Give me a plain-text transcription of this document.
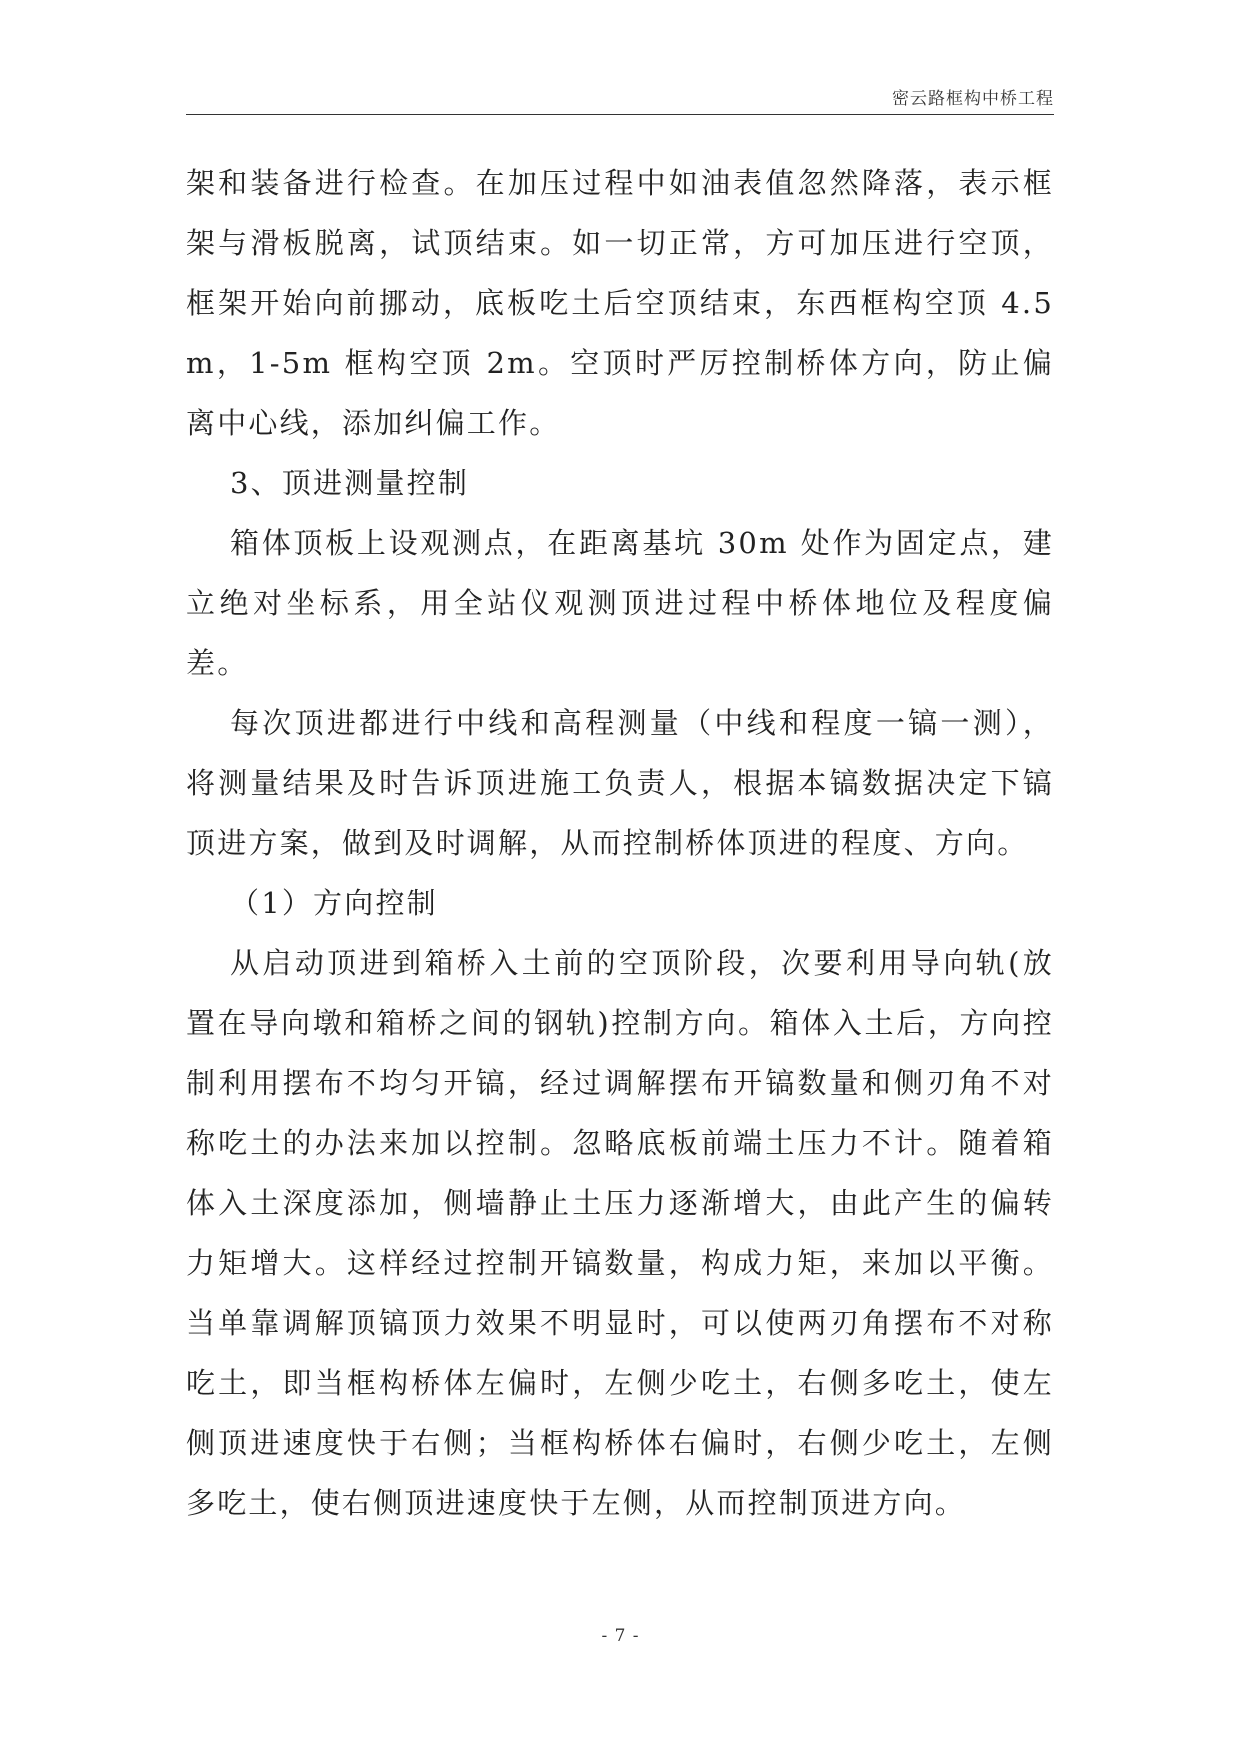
密云路框构中桥工程

架和装备进行检查。在加压过程中如油表值忽然降落，表示框架与滑板脱离，试顶结束。如一切正常，方可加压进行空顶，框架开始向前挪动，底板吃土后空顶结束，东西框构空顶 4.5m，1-5m 框构空顶 2m。空顶时严厉控制桥体方向，防止偏离中心线，添加纠偏工作。

3、顶进测量控制

箱体顶板上设观测点，在距离基坑 30m 处作为固定点，建立绝对坐标系，用全站仪观测顶进过程中桥体地位及程度偏差。

每次顶进都进行中线和高程测量（中线和程度一镐一测），将测量结果及时告诉顶进施工负责人，根据本镐数据决定下镐顶进方案，做到及时调解，从而控制桥体顶进的程度、方向。

（1）方向控制

从启动顶进到箱桥入土前的空顶阶段，次要利用导向轨(放置在导向墩和箱桥之间的钢轨)控制方向。箱体入土后，方向控制利用摆布不均匀开镐，经过调解摆布开镐数量和侧刃角不对称吃土的办法来加以控制。忽略底板前端土压力不计。随着箱体入土深度添加，侧墙静止土压力逐渐增大，由此产生的偏转力矩增大。这样经过控制开镐数量，构成力矩，来加以平衡。当单靠调解顶镐顶力效果不明显时，可以使两刃角摆布不对称吃土，即当框构桥体左偏时，左侧少吃土，右侧多吃土，使左侧顶进速度快于右侧；当框构桥体右偏时，右侧少吃土，左侧多吃土，使右侧顶进速度快于左侧，从而控制顶进方向。

- 7 -
